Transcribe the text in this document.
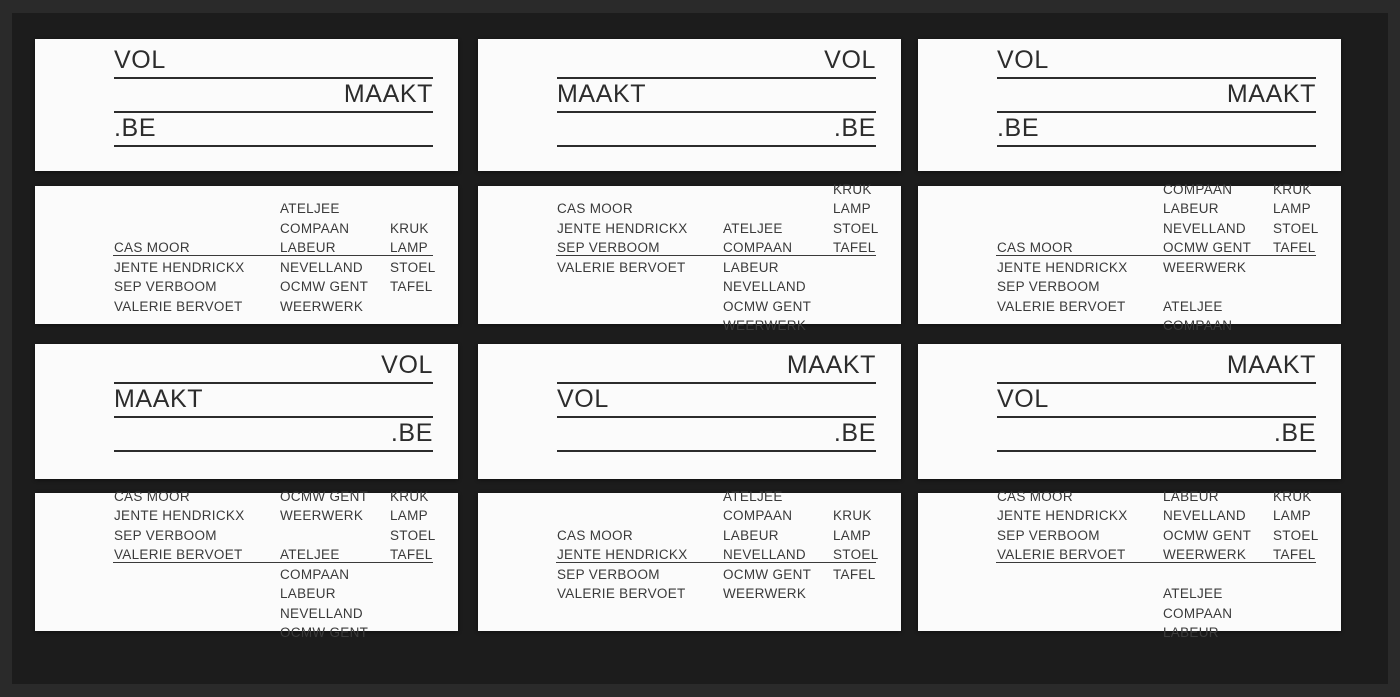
VOL
MAAKT
.BE
VOL
MAAKT
.BE
VOL
MAAKT
.BE
CAS MOOR
JENTE HENDRICKX
SEP VERBOOM
VALERIE BERVOET
ATELJEE
COMPAAN
LABEUR
NEVELLAND
OCMW GENT
WEERWERK
KRUK
LAMP
STOEL
TAFEL
CAS MOOR
JENTE HENDRICKX
SEP VERBOOM
VALERIE BERVOET
ATELJEE
COMPAAN
LABEUR
NEVELLAND
OCMW GENT
WEERWERK
KRUK
LAMP
STOEL
TAFEL	CAS MOOR
JENTE HENDRICKX
SEP VERBOOM
VALERIE BERVOET
COMPAAN
LABEUR
NEVELLAND
OCMW GENT
WEERWERK
ATELJEE
COMPAAN
KRUK
LAMP
STOEL
TAFEL
VOL
MAAKT
.BE
MAAKT
VOL
.BE
MAAKT
VOL
.BE
CAS MOOR
JENTE HENDRICKX
SEP VERBOOM
VALERIE BERVOET
OCMW GENT
WEERWERK
ATELJEE
COMPAAN
LABEUR
NEVELLAND
OCMW GENT
KRUK
LAMP
STOEL
TAFEL
CAS MOOR
JENTE HENDRICKX
SEP VERBOOM
VALERIE BERVOET
ATELJEE
COMPAAN
LABEUR
NEVELLAND
OCMW GENT
WEERWERK
KRUK
LAMP
STOEL
TAFEL
CAS MOOR
JENTE HENDRICKX
SEP VERBOOM
VALERIE BERVOET
LABEUR
NEVELLAND
OCMW GENT
WEERWERK
ATELJEE
COMPAAN
LABEUR
KRUK
LAMP
STOEL
TAFEL
